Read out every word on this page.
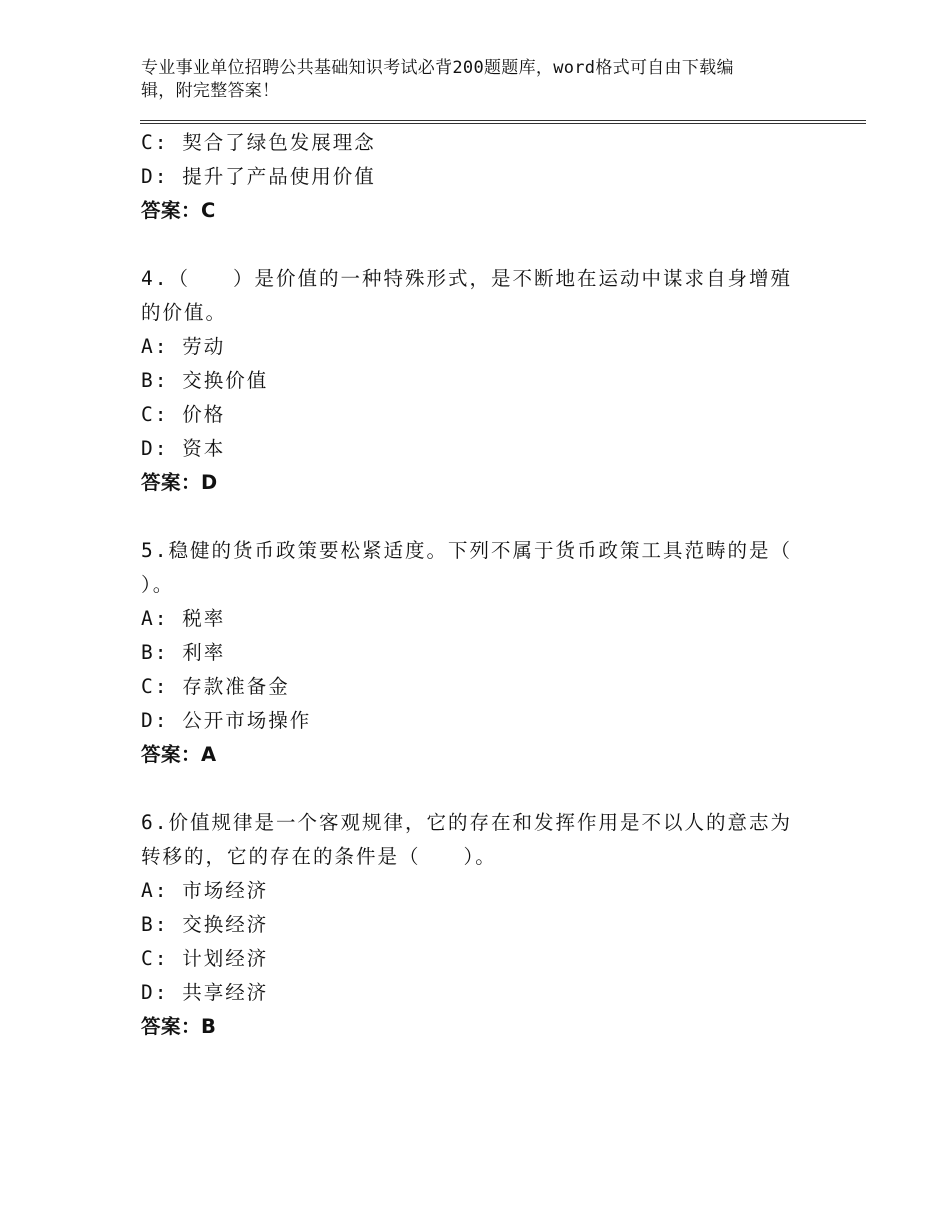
专业事业单位招聘公共基础知识考试必背200题题库，word格式可自由下载编
辑，附完整答案！
C: 契合了绿色发展理念
D: 提升了产品使用价值
答案：C
4.（　　）是价值的一种特殊形式，是不断地在运动中谋求自身增殖
的价值。
A: 劳动
B: 交换价值
C: 价格
D: 资本
答案：D
5.稳健的货币政策要松紧适度。下列不属于货币政策工具范畴的是（
）。
A: 税率
B: 利率
C: 存款准备金
D: 公开市场操作
答案：A
6.价值规律是一个客观规律，它的存在和发挥作用是不以人的意志为
转移的，它的存在的条件是（　　）。
A: 市场经济
B: 交换经济
C: 计划经济
D: 共享经济
答案：B
